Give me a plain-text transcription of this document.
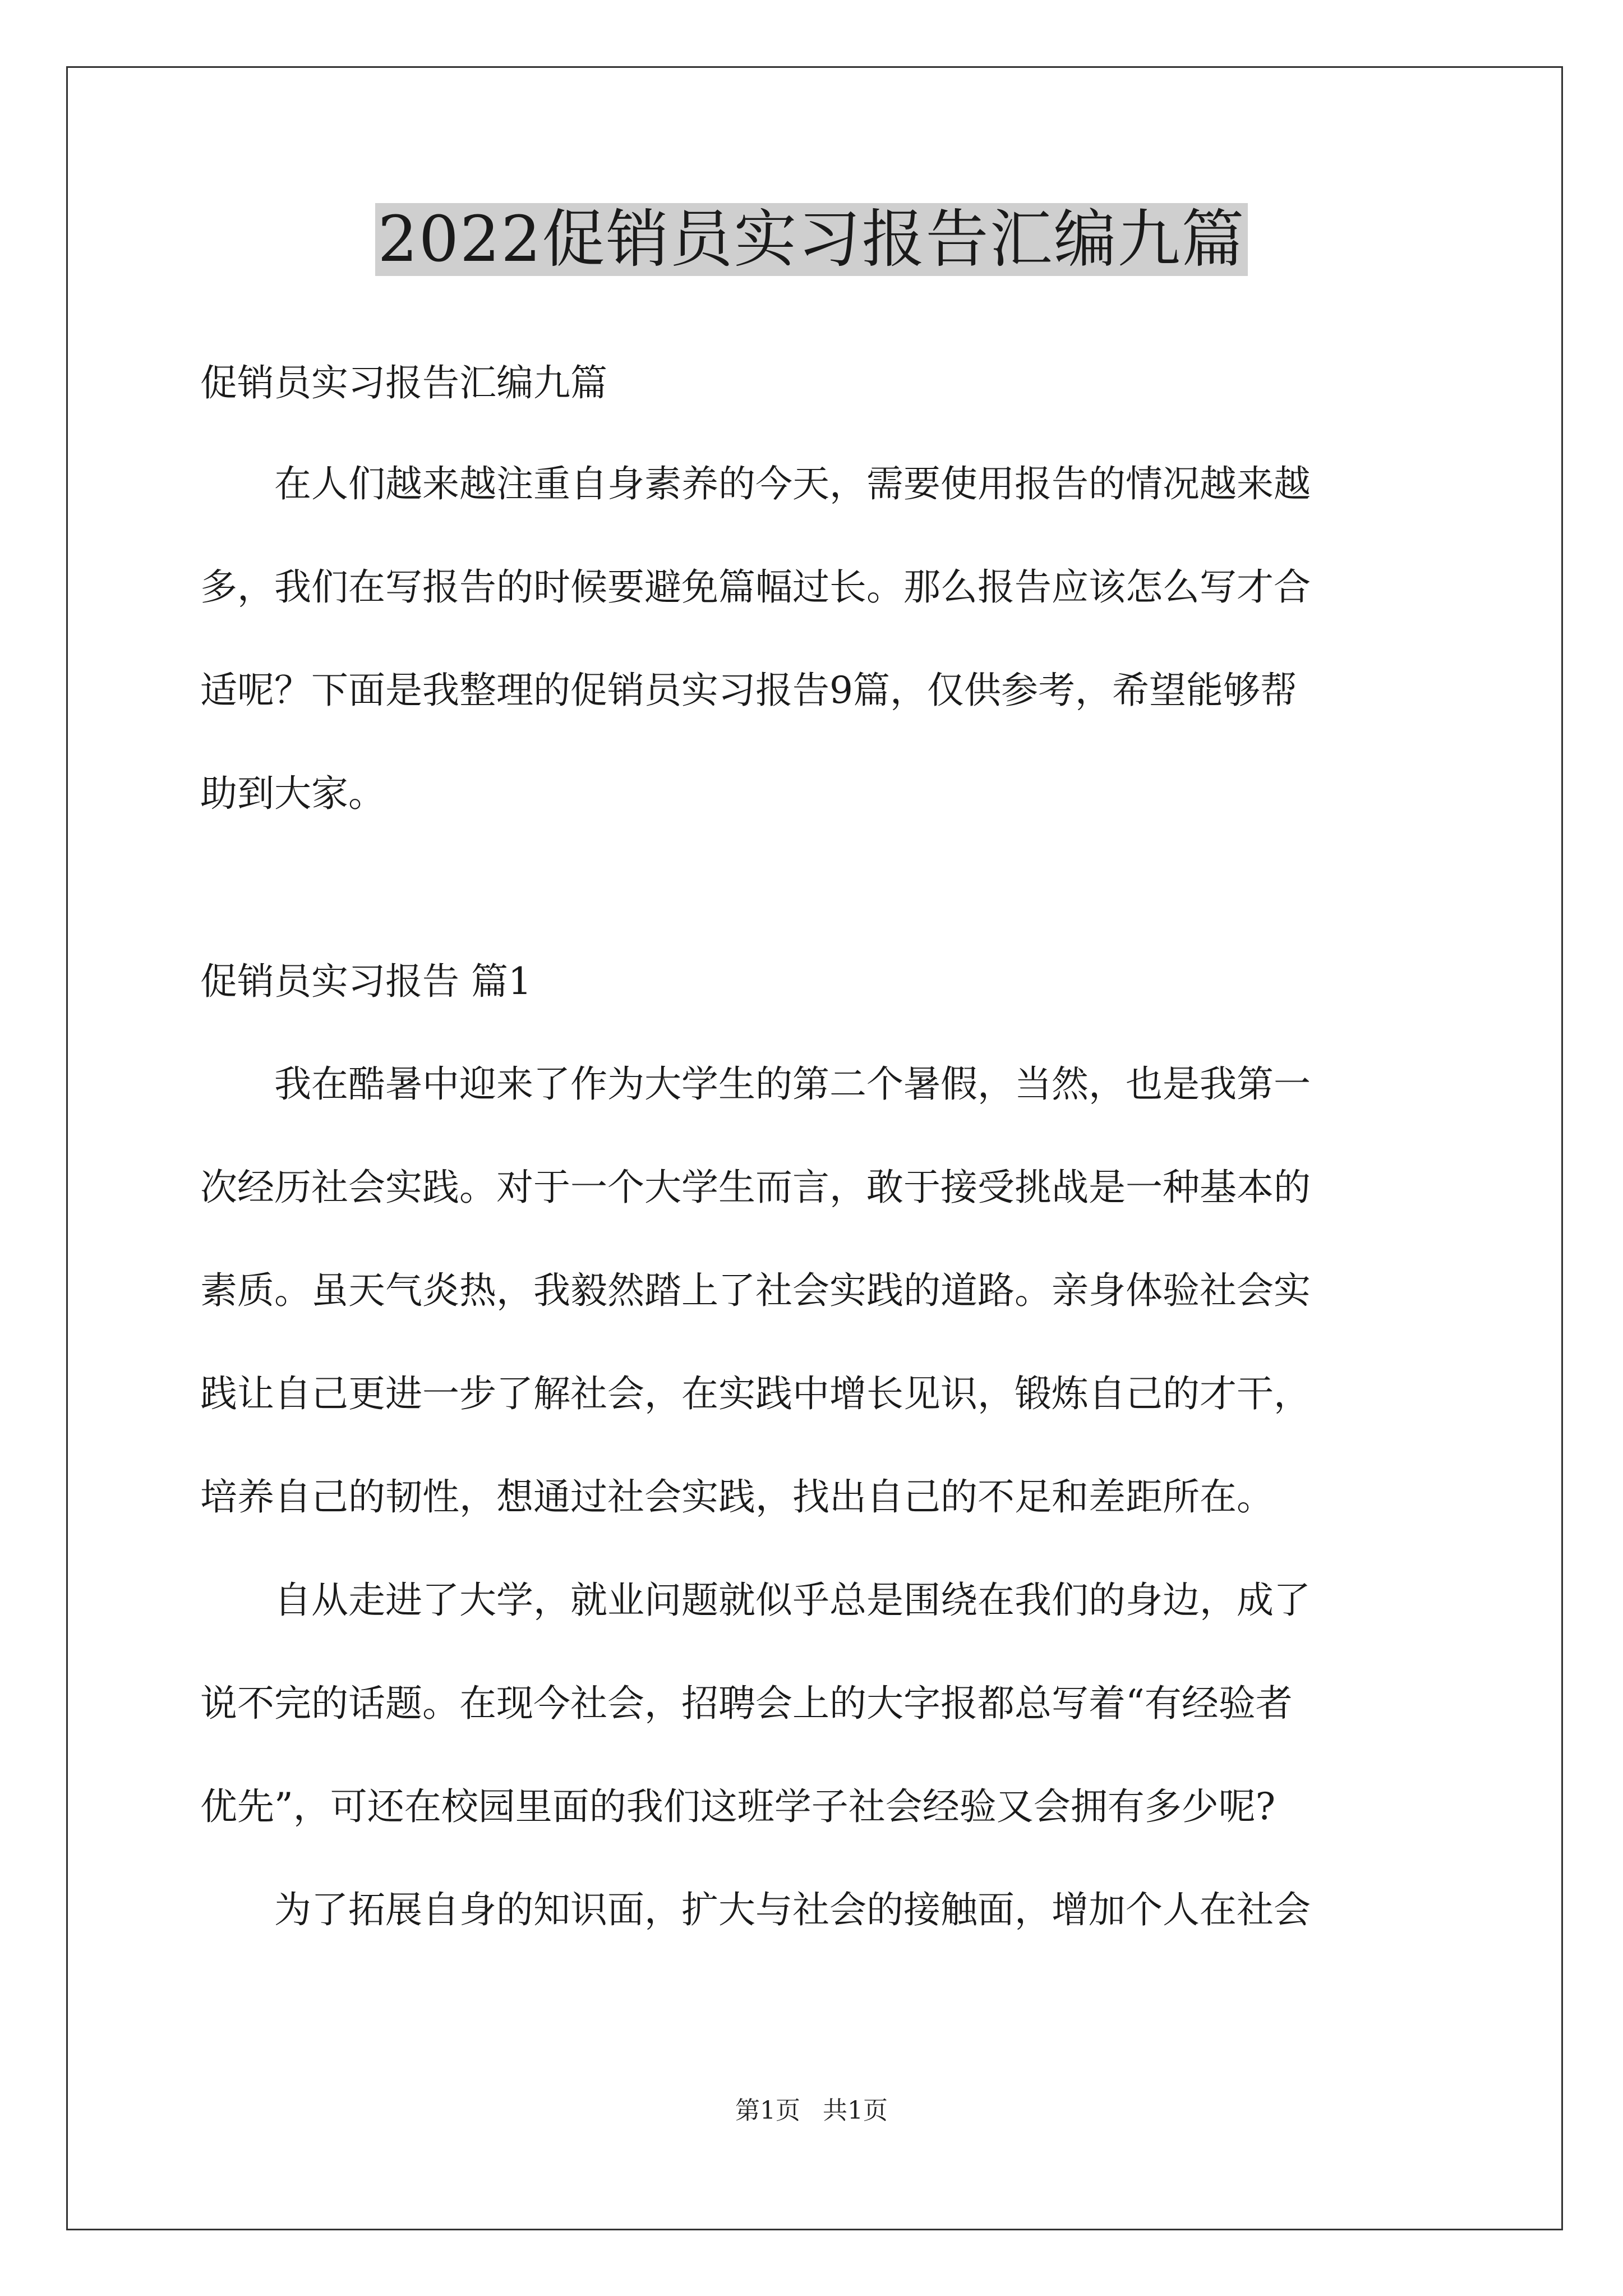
2022促销员实习报告汇编九篇
促销员实习报告汇编九篇
　　在人们越来越注重自身素养的今天，需要使用报告的情况越来越
多，我们在写报告的时候要避免篇幅过长。那么报告应该怎么写才合
适呢？下面是我整理的促销员实习报告9篇，仅供参考，希望能够帮
助到大家。
促销员实习报告 篇1
　　我在酷暑中迎来了作为大学生的第二个暑假，当然，也是我第一
次经历社会实践。对于一个大学生而言，敢于接受挑战是一种基本的
素质。虽天气炎热，我毅然踏上了社会实践的道路。亲身体验社会实
践让自己更进一步了解社会，在实践中增长见识，锻炼自己的才干，
培养自己的韧性，想通过社会实践，找出自己的不足和差距所在。
　　自从走进了大学，就业问题就似乎总是围绕在我们的身边，成了
说不完的话题。在现今社会，招聘会上的大字报都总写着“有经验者
优先”，可还在校园里面的我们这班学子社会经验又会拥有多少呢?
　　为了拓展自身的知识面，扩大与社会的接触面，增加个人在社会
第1页 共1页
